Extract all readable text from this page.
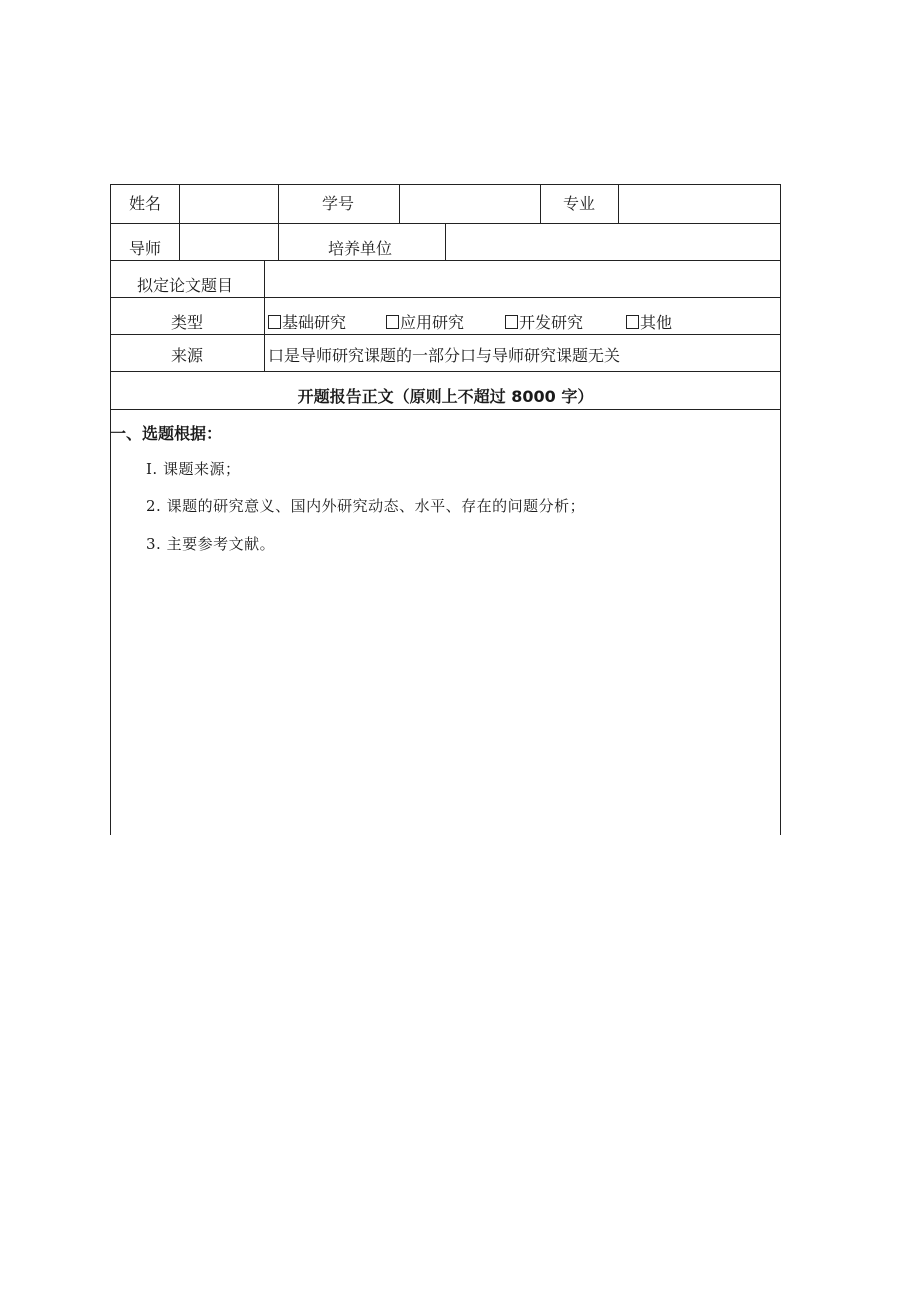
姓名	学号	专业
导师	培养单位
拟定论文题目
类型	基础研究	应用研究	开发研究	其他
来源	口是导师研究课题的一部分口与导师研究课题无关
开题报告正文（原则上不超过 8000 字）
一、选题根据：
I. 课题来源；
2. 课题的研究意义、国内外研究动态、水平、存在的问题分析；
3. 主要参考文献。
